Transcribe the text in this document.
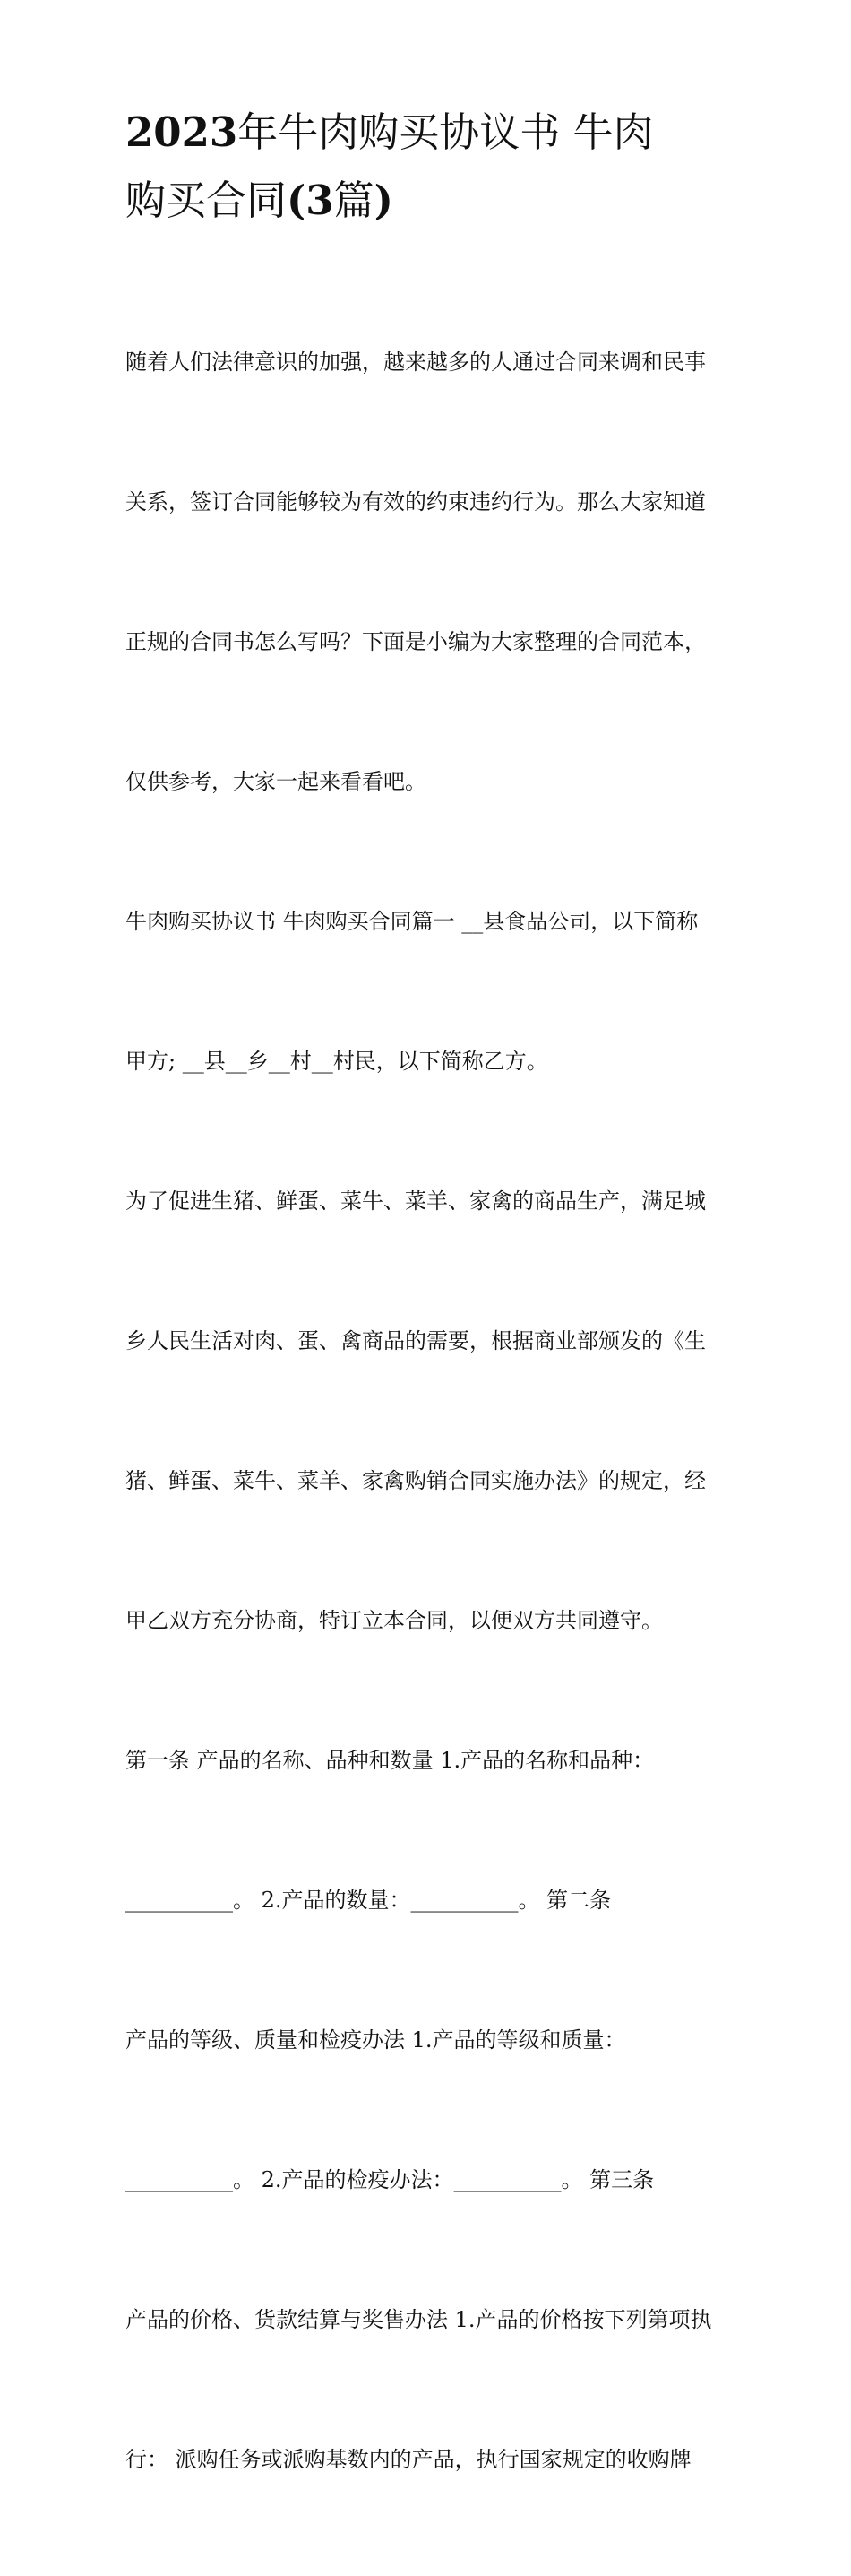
2023年牛肉购买协议书 牛肉
购买合同(3篇)

随着人们法律意识的加强，越来越多的人通过合同来调和民事

关系，签订合同能够较为有效的约束违约行为。那么大家知道

正规的合同书怎么写吗？下面是小编为大家整理的合同范本，

仅供参考，大家一起来看看吧。

牛肉购买协议书 牛肉购买合同篇一 __县食品公司，以下简称

甲方; __县__乡__村__村民，以下简称乙方。

为了促进生猪、鲜蛋、菜牛、菜羊、家禽的商品生产，满足城

乡人民生活对肉、蛋、禽商品的需要，根据商业部颁发的《生

猪、鲜蛋、菜牛、菜羊、家禽购销合同实施办法》的规定，经

甲乙双方充分协商，特订立本合同，以便双方共同遵守。

第一条 产品的名称、品种和数量 1.产品的名称和品种：

__________。 2.产品的数量：__________。 第二条

产品的等级、质量和检疫办法 1.产品的等级和质量：

__________。 2.产品的检疫办法：__________。 第三条

产品的价格、货款结算与奖售办法 1.产品的价格按下列第项执

行： 派购任务或派购基数内的产品，执行国家规定的收购牌
